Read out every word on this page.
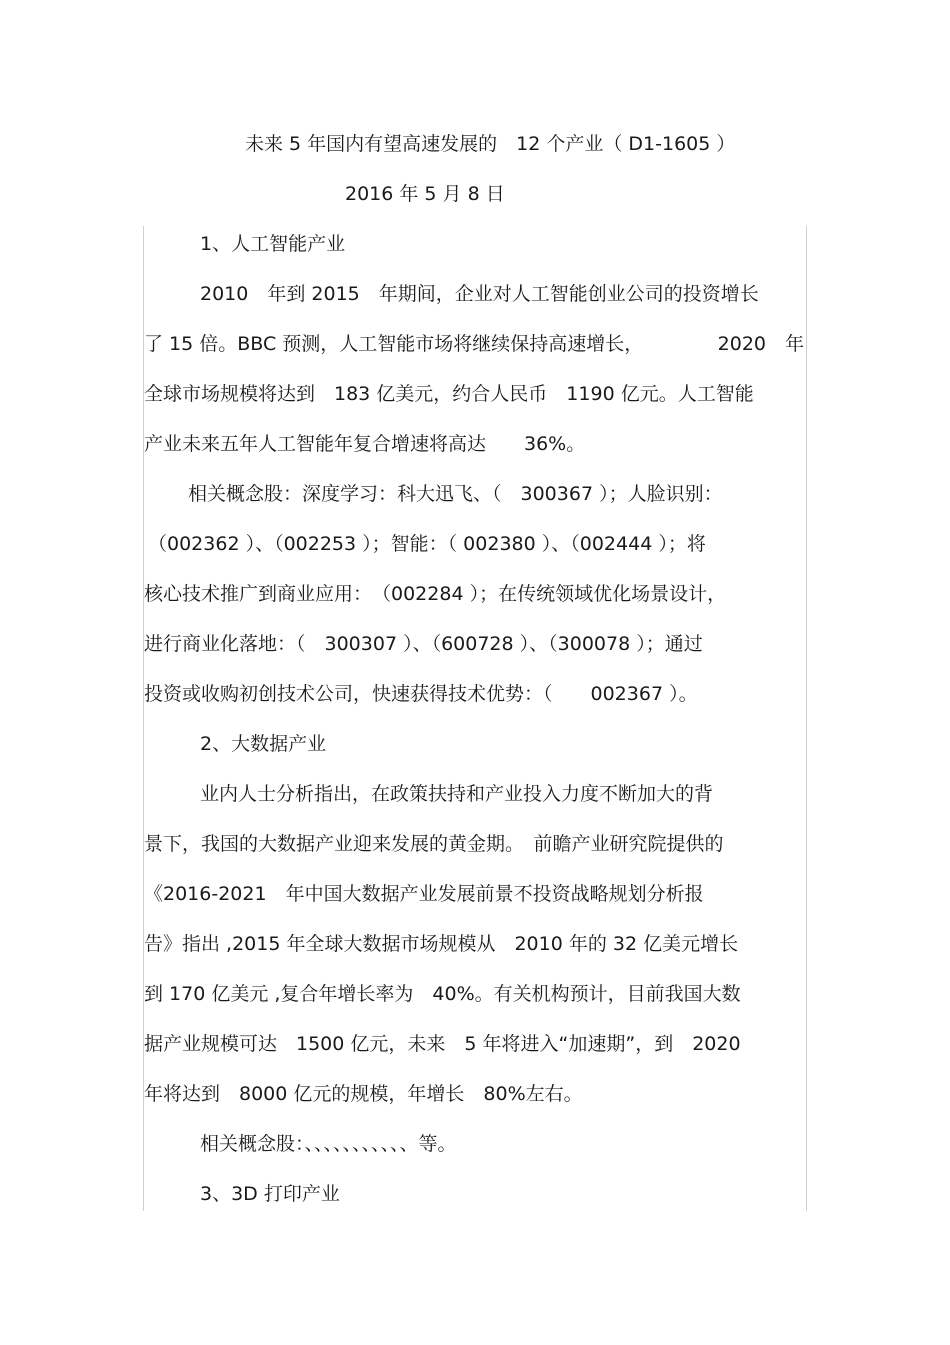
未来 5 年国内有望高速发展的　12 个产业（ D1-1605 ）
2016 年 5 月 8 日
1、人工智能产业
2010　年到 2015　年期间，企业对人工智能创业公司的投资增长
了 15 倍。BBC 预测，人工智能市场将继续保持高速增长，	2020　年
全球市场规模将达到　183 亿美元，约合人民币　1190 亿元。人工智能
产业未来五年人工智能年复合增速将高达　　36%。
相关概念股：深度学习：科大迅飞、（　300367 ）；人脸识别：
（002362 ）、（002253 ）；智能：（ 002380 ）、（002444 ）；将
核心技术推广到商业应用：　（002284 ）；在传统领域优化场景设计，
进行商业化落地：（　300307 ）、（600728 ）、（300078 ）；通过
投资或收购初创技术公司，快速获得技术优势：（　　002367 ）。
2、大数据产业
业内人士分析指出，在政策扶持和产业投入力度不断加大的背
景下，我国的大数据产业迎来发展的黄金期。　前瞻产业研究院提供的
《2016-2021　年中国大数据产业发展前景不投资战略规划分析报
告》指出 ,2015 年全球大数据市场规模从　2010 年的 32 亿美元增长
到 170 亿美元 ,复合年增长率为　40%。有关机构预计，目前我国大数
据产业规模可达　1500 亿元，未来　5 年将进入“加速期”，到　2020
年将达到　8000 亿元的规模，年增长　80%左右。
相关概念股：、、、、、、、、、、、等。
3、3D 打印产业
